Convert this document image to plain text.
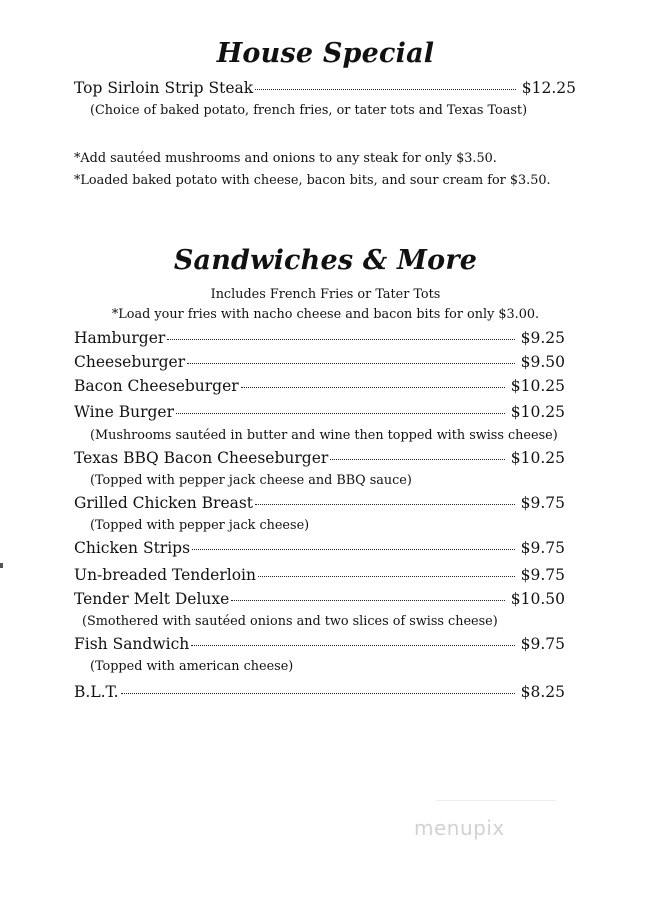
House Special
Top Sirloin Strip Steak	$12.25
(Choice of baked potato, french fries, or tater tots and Texas Toast)
*Add sautéed mushrooms and onions to any steak for only $3.50.
*Loaded baked potato with cheese, bacon bits, and sour cream for $3.50.
Sandwiches & More
Includes French Fries or Tater Tots
*Load your fries with nacho cheese and bacon bits for only $3.00.
Hamburger	$9.25
Cheeseburger	$9.50
Bacon Cheeseburger	$10.25
Wine Burger	$10.25
(Mushrooms sautéed in butter and wine then topped with swiss cheese)
Texas BBQ Bacon Cheeseburger	$10.25
(Topped with pepper jack cheese and BBQ sauce)
Grilled Chicken Breast	$9.75
(Topped with pepper jack cheese)
Chicken Strips	$9.75
Un-breaded Tenderloin	$9.75
Tender Melt Deluxe	$10.50
(Smothered with sautéed onions and two slices of swiss cheese)
Fish Sandwich	$9.75
(Topped with american cheese)
B.L.T.	$8.25
menupix
